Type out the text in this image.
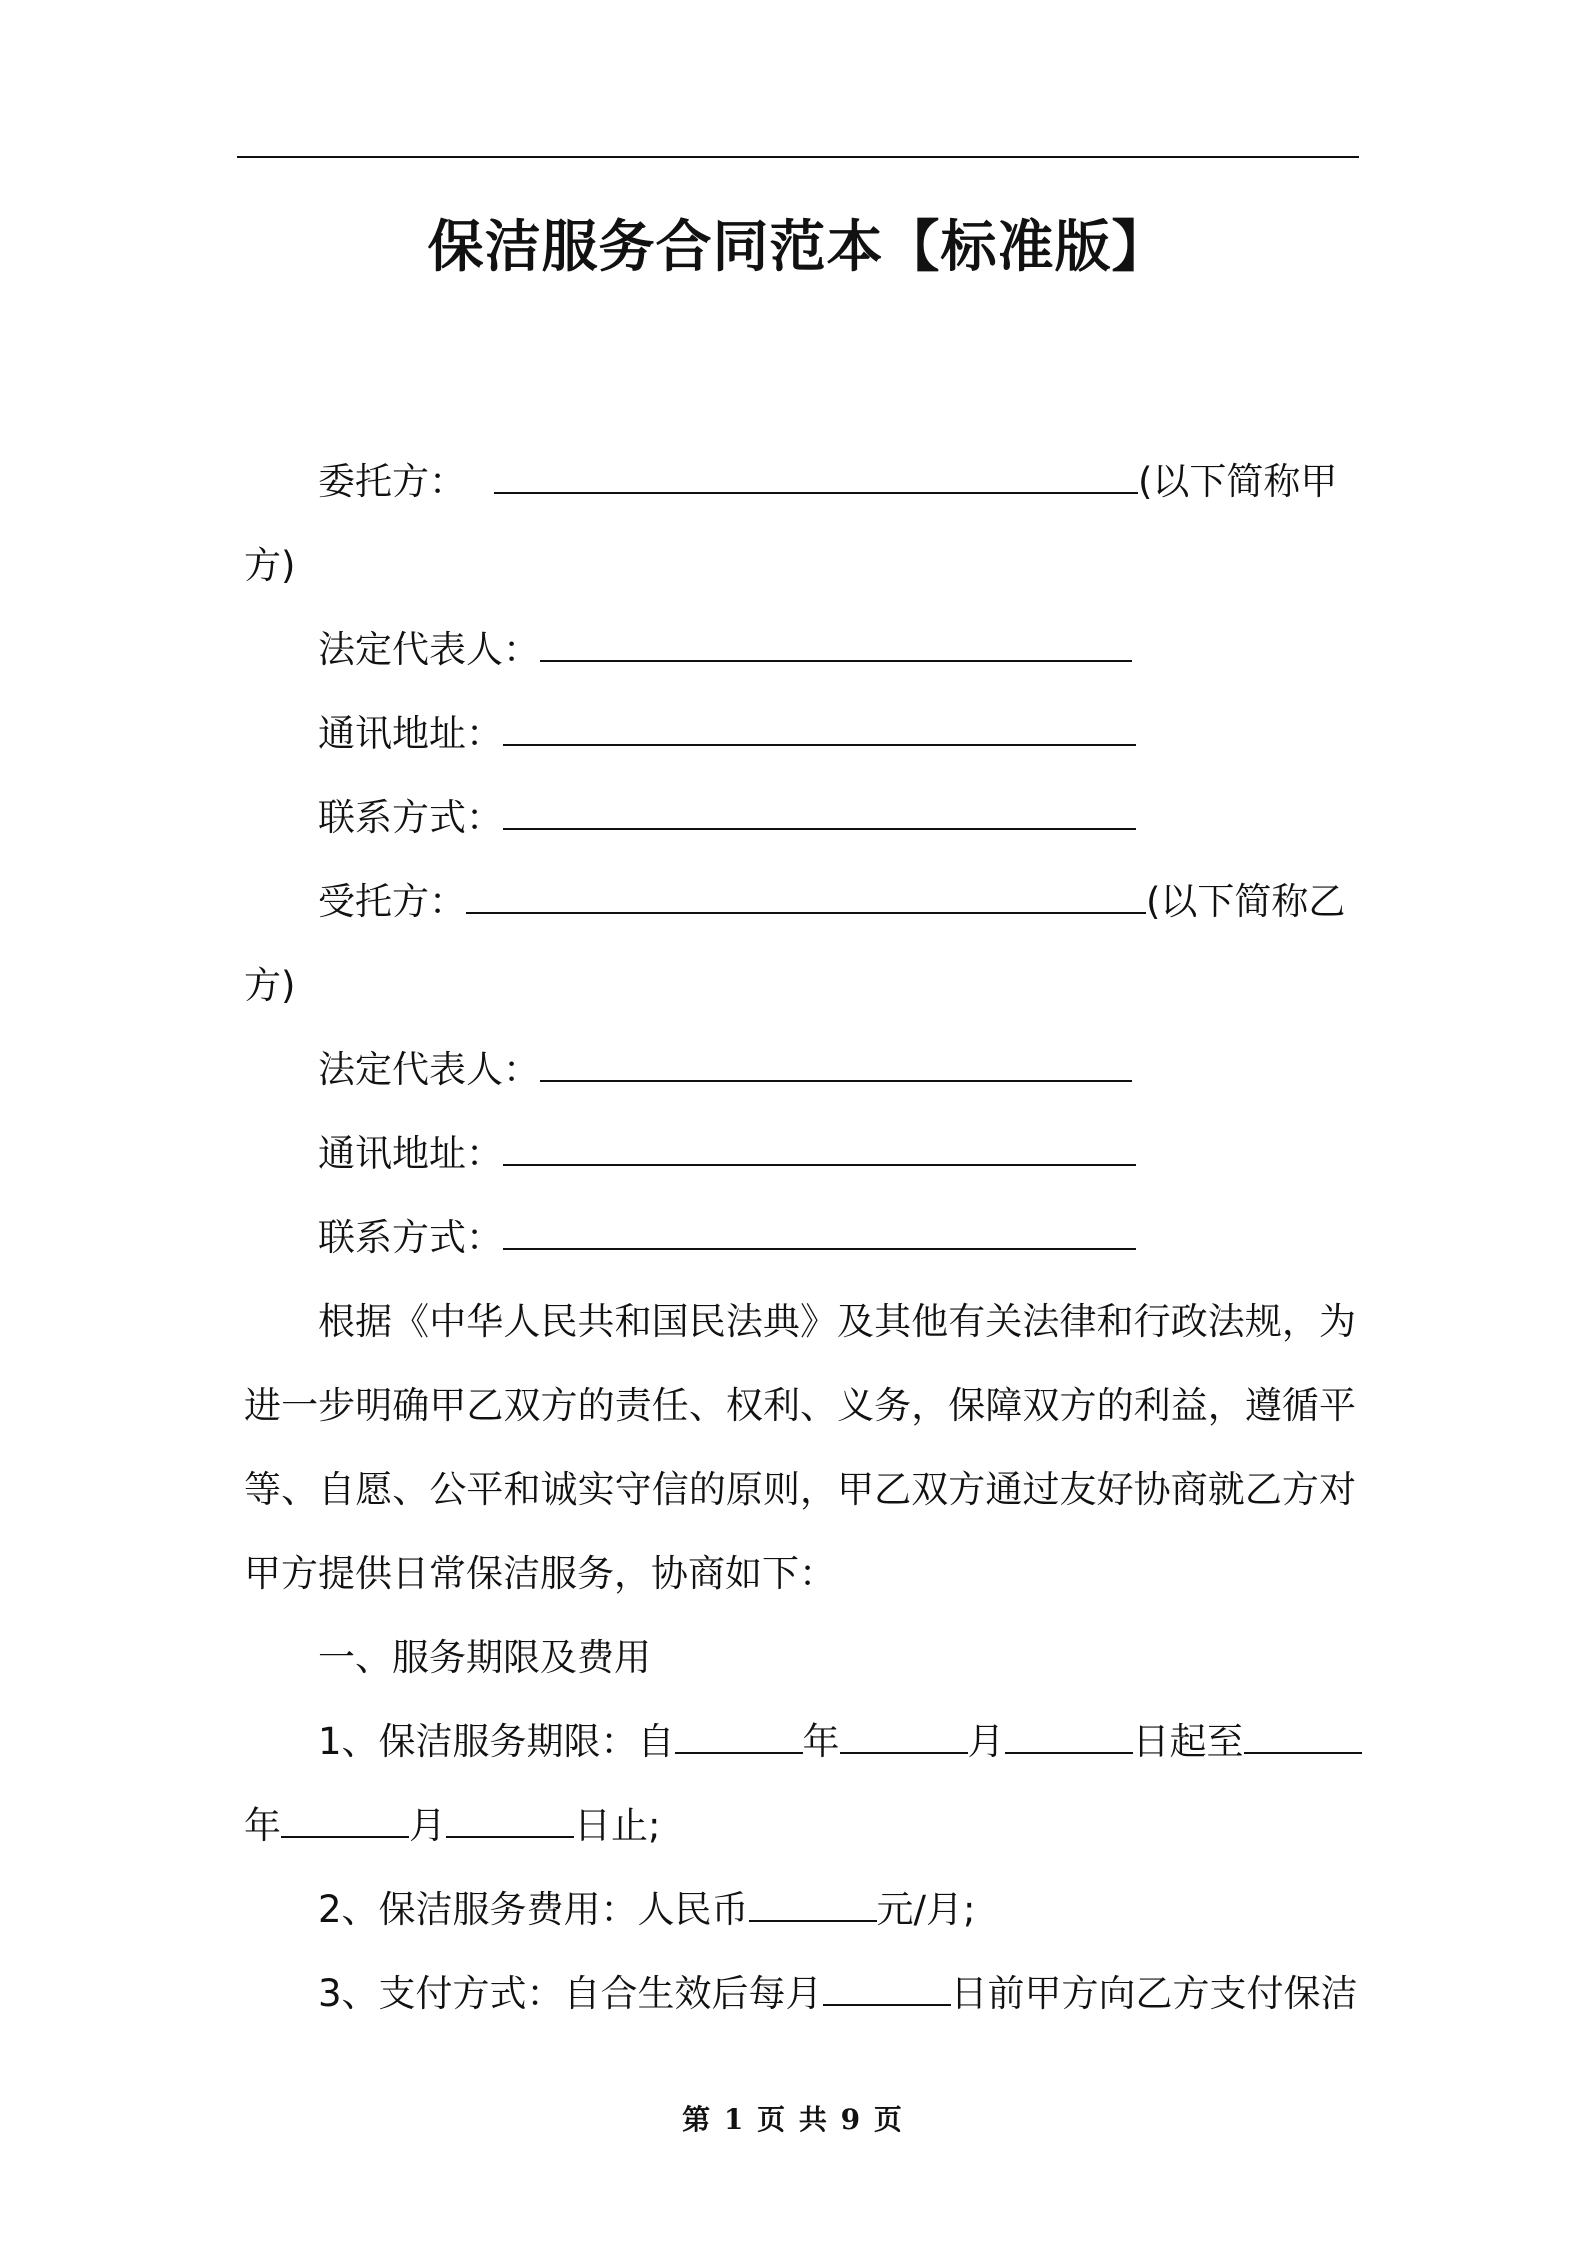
保洁服务合同范本【标准版】
委托方：	(以下简称甲
方)
法定代表人：
通讯地址：
联系方式：
受托方：	(以下简称乙
方)
法定代表人：
通讯地址：
联系方式：
根据《中华人民共和国民法典》及其他有关法律和行政法规，为
进一步明确甲乙双方的责任、权利、义务，保障双方的利益，遵循平
等、自愿、公平和诚实守信的原则，甲乙双方通过友好协商就乙方对
甲方提供日常保洁服务，协商如下：
一、服务期限及费用
1、保洁服务期限：自	年	月	日起至
年	月	日止;
2、保洁服务费用：人民币	元/月;
3、支付方式：自合生效后每月	日前甲方向乙方支付保洁
第 1 页 共 9 页
